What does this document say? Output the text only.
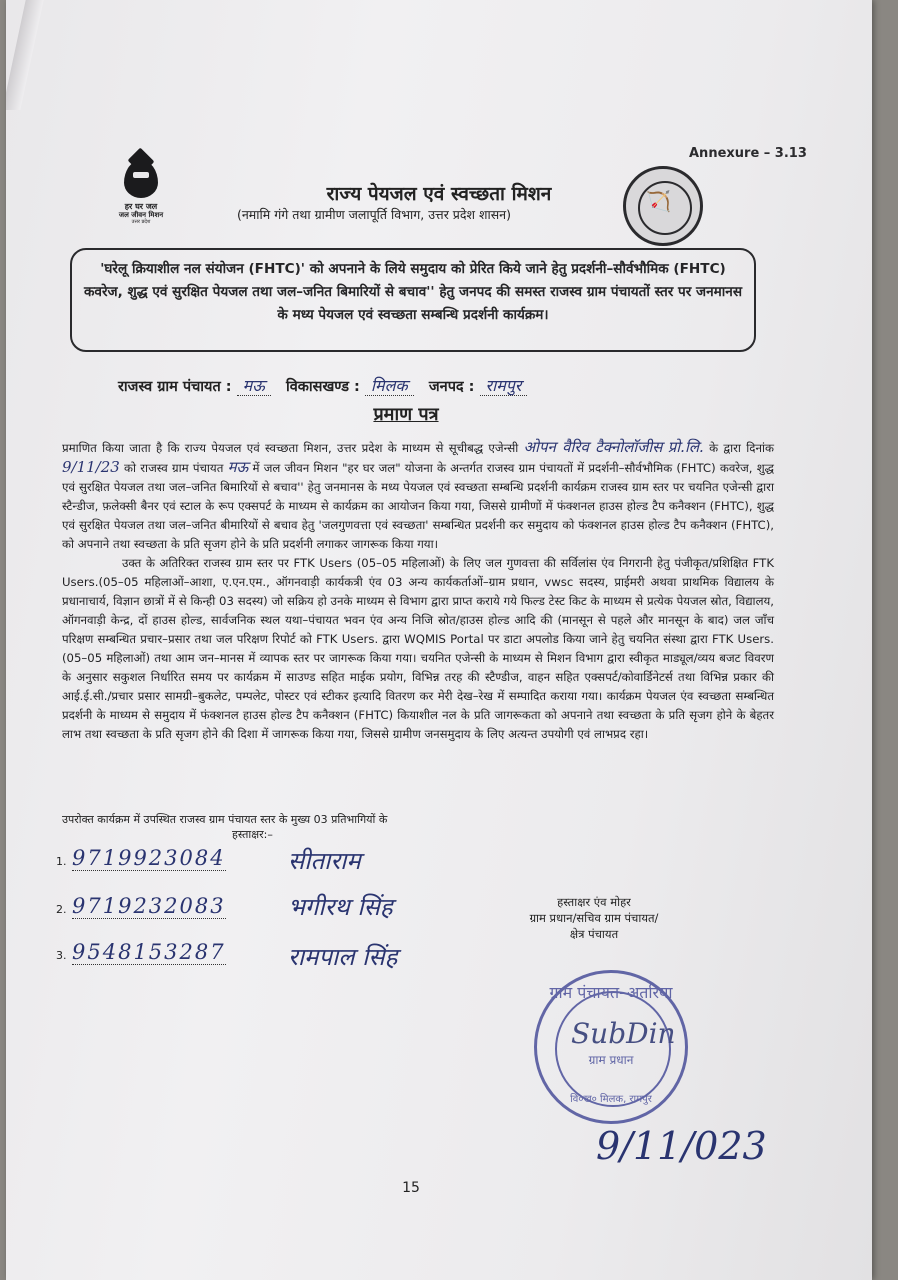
Annexure – 3.13
हर घर जल
जल जीवन मिशन
उत्तर प्रदेश
🏹
राज्य पेयजल एवं स्वच्छता मिशन
(नमामि गंगे तथा ग्रामीण जलापूर्ति विभाग, उत्तर प्रदेश शासन)

'घरेलू क्रियाशील नल संयोजन (FHTC)' को अपनाने के लिये समुदाय को प्रेरित किये जाने हेतु प्रदर्शनी–सौर्वभौमिक (FHTC) कवरेज, शुद्ध एवं सुरक्षित पेयजल तथा जल–जनित बिमारियों से बचाव'' हेतु जनपद की समस्त राजस्व ग्राम पंचायतों स्तर पर जनमानस के मध्य पेयजल एवं स्वच्छता सम्बन्धि प्रदर्शनी कार्यक्रम।

राजस्व ग्राम पंचायत : मऊ विकासखण्ड : मिलक जनपद : रामपुर
प्रमाण पत्र

प्रमाणित किया जाता है कि राज्य पेयजल एवं स्वच्छता मिशन, उत्तर प्रदेश के माध्यम से सूचीबद्ध एजेन्सी ओपन वैरिव टैक्नोलॉजीस प्रो.लि. के द्वारा दिनांक 9/11/23 को राजस्व ग्राम पंचायत मऊ में जल जीवन मिशन "हर घर जल" योजना के अन्तर्गत राजस्व ग्राम पंचायतों में प्रदर्शनी–सौर्वभौमिक (FHTC) कवरेज, शुद्ध एवं सुरक्षित पेयजल तथा जल–जनित बिमारियों से बचाव'' हेतु जनमानस के मध्य पेयजल एवं स्वच्छता सम्बन्धि प्रदर्शनी कार्यक्रम राजस्व ग्राम स्तर पर चयनित एजेन्सी द्वारा स्टैन्डीज, फ़लेक्सी बैनर एवं स्टाल के रूप एक्सपर्ट के माध्यम से कार्यक्रम का आयोजन किया गया, जिससे ग्रामीणों में फंक्शनल हाउस होल्ड टैप कनैक्शन (FHTC), शुद्ध एवं सुरक्षित पेयजल तथा जल–जनित बीमारियों से बचाव हेतु 'जलगुणवत्ता एवं स्वच्छता' सम्बन्धित प्रदर्शनी कर समुदाय को फंक्शनल हाउस होल्ड टैप कनैक्शन (FHTC), को अपनाने तथा स्वच्छता के प्रति सृजग होने के प्रति प्रदर्शनी लगाकर जागरूक किया गया।

उक्त के अतिरिक्त राजस्व ग्राम स्तर पर FTK Users (05–05 महिलाओं) के लिए जल गुणवत्ता की सर्विलांस एंव निगरानी हेतु पंजीकृत/प्रशिक्षित FTK Users.(05–05 महिलाओं–आशा, ए.एन.एम., ऑगनवाड़ी कार्यकत्री एंव 03 अन्य कार्यकर्ताओं–ग्राम प्रधान, vwsc सदस्य, प्राईमरी अथवा प्राथमिक विद्यालय के प्रधानाचार्य, विज्ञान छात्रों में से किन्ही 03 सदस्य) जो सक्रिय हो उनके माध्यम से विभाग द्वारा प्राप्त कराये गये फिल्ड टेस्ट किट के माध्यम से प्रत्येक पेयजल स्रोत, विद्यालय, ऑगनवाड़ी केन्द्र, दों हाउस होल्ड, सार्वजनिक स्थल यथा–पंचायत भवन एंव अन्य निजि स्रोत/हाउस होल्ड आदि की (मानसून से पहले और मानसून के बाद) जल जाँच परिक्षण सम्बन्धित प्रचार–प्रसार तथा जल परिक्षण रिपोर्ट को FTK Users. द्वारा WQMIS Portal पर डाटा अपलोड किया जाने हेतु चयनित संस्था द्वारा FTK Users.(05–05 महिलाओं) तथा आम जन–मानस में व्यापक स्तर पर जागरूक किया गया। चयनित एजेन्सी के माध्यम से मिशन विभाग द्वारा स्वीकृत माड्यूल/व्यय बजट विवरण के अनुसार सकुशल निर्धारित समय पर कार्यक्रम में साउण्ड सहित माईक प्रयोग, विभिन्न तरह की स्टैण्डीज, वाहन सहित एक्सपर्ट/कोवार्डिनेटर्स तथा विभिन्न प्रकार की आई.ई.सी./प्रचार प्रसार सामग्री–बुकलेट, पम्पलेट, पोस्टर एवं स्टीकर इत्यादि वितरण कर मेरी देख–रेख में सम्पादित कराया गया। कार्यक्रम पेयजल एंव स्वच्छता सम्बन्धित प्रदर्शनी के माध्यम से समुदाय में फंक्शनल हाउस होल्ड टैप कनैक्शन (FHTC) कियाशील नल के प्रति जागरूकता को अपनाने तथा स्वच्छता के प्रति सृजग होने के बेहतर लाभ तथा स्वच्छता के प्रति सृजग होने की दिशा में जागरूक किया गया, जिससे ग्रामीण जनसमुदाय के लिए अत्यन्त उपयोगी एवं लाभप्रद रहा।

उपरोक्त कार्यक्रम में उपस्थित राजस्व ग्राम पंचायत स्तर के मुख्य 03 प्रतिभागियों के
हस्ताक्षर:–
1. 9719923084	सीताराम
2. 9719232083	भगीरथ सिंह
3. 9548153287	रामपाल सिंह
हस्ताक्षर एंव मोहर
ग्राम प्रधान/सचिव ग्राम पंचायत/
क्षेत्र पंचायत
ग्राम पंचायत–अतरिया
SubDin
ग्राम प्रधान
वि०ख० मिलक, रामपुर
9/11/023
15
